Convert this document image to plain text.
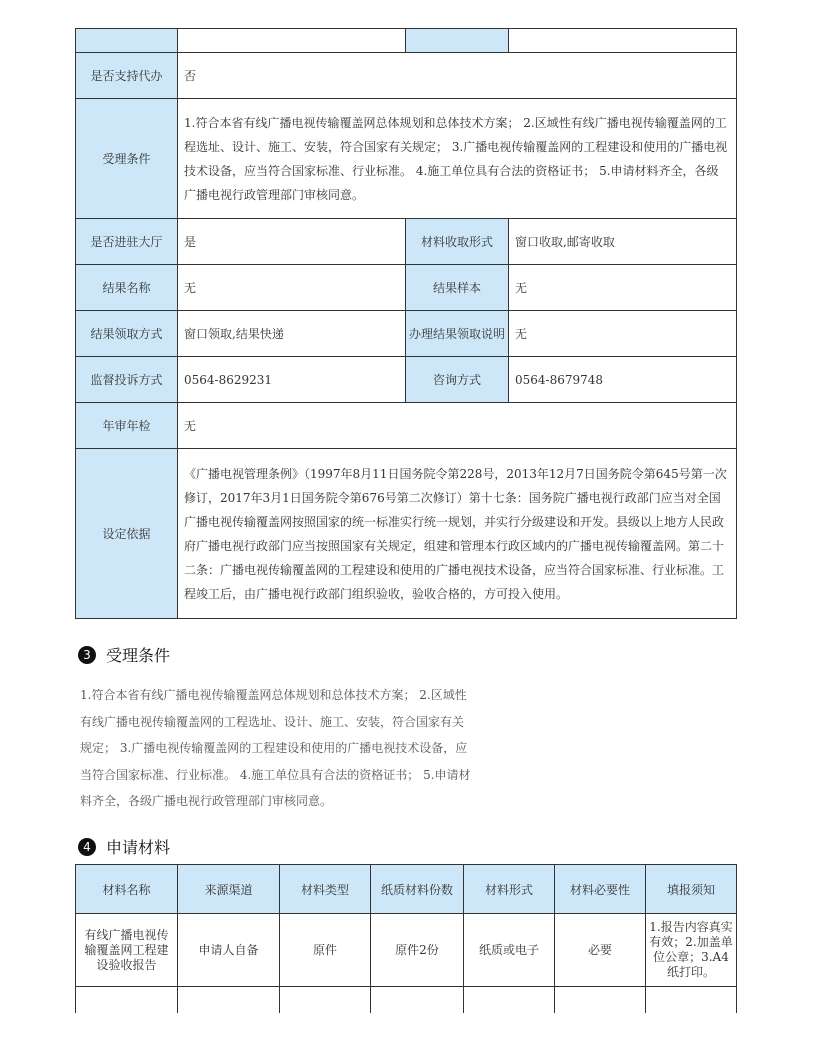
是否支持代办	否		
受理条件	1.符合本省有线广播电视传输覆盖网总体规划和总体技术方案； 2.区域性有线广播电视传输覆盖网的工程选址、设计、施工、安装，符合国家有关规定； 3.广播电视传输覆盖网的工程建设和使用的广播电视技术设备，应当符合国家标准、行业标准。 4.施工单位具有合法的资格证书； 5.申请材料齐全，各级广播电视行政管理部门审核同意。		
是否进驻大厅	是	材料收取形式	窗口收取,邮寄收取
结果名称	无	结果样本	无
结果领取方式	窗口领取,结果快递	办理结果领取说明	无
监督投诉方式	0564-8629231	咨询方式	0564-8679748
年审年检	无		
设定依据	《广播电视管理条例》（1997年8月11日国务院令第228号，2013年12月7日国务院令第645号第一次修订，2017年3月1日国务院令第676号第二次修订）第十七条：国务院广播电视行政部门应当对全国广播电视传输覆盖网按照国家的统一标准实行统一规划，并实行分级建设和开发。县级以上地方人民政府广播电视行政部门应当按照国家有关规定，组建和管理本行政区域内的广播电视传输覆盖网。第二十二条：广播电视传输覆盖网的工程建设和使用的广播电视技术设备，应当符合国家标准、行业标准。工程竣工后，由广播电视行政部门组织验收，验收合格的，方可投入使用。		
3 受理条件
1.符合本省有线广播电视传输覆盖网总体规划和总体技术方案； 2.区域性有线广播电视传输覆盖网的工程选址、设计、施工、安装，符合国家有关规定； 3.广播电视传输覆盖网的工程建设和使用的广播电视技术设备，应当符合国家标准、行业标准。 4.施工单位具有合法的资格证书； 5.申请材料齐全，各级广播电视行政管理部门审核同意。
4 申请材料
材料名称	来源渠道	材料类型	纸质材料份数	材料形式	材料必要性	填报须知
有线广播电视传输覆盖网工程建设验收报告	申请人自备	原件	原件2份	纸质或电子	必要	1.报告内容真实有效；2.加盖单位公章；3.A4纸打印。
